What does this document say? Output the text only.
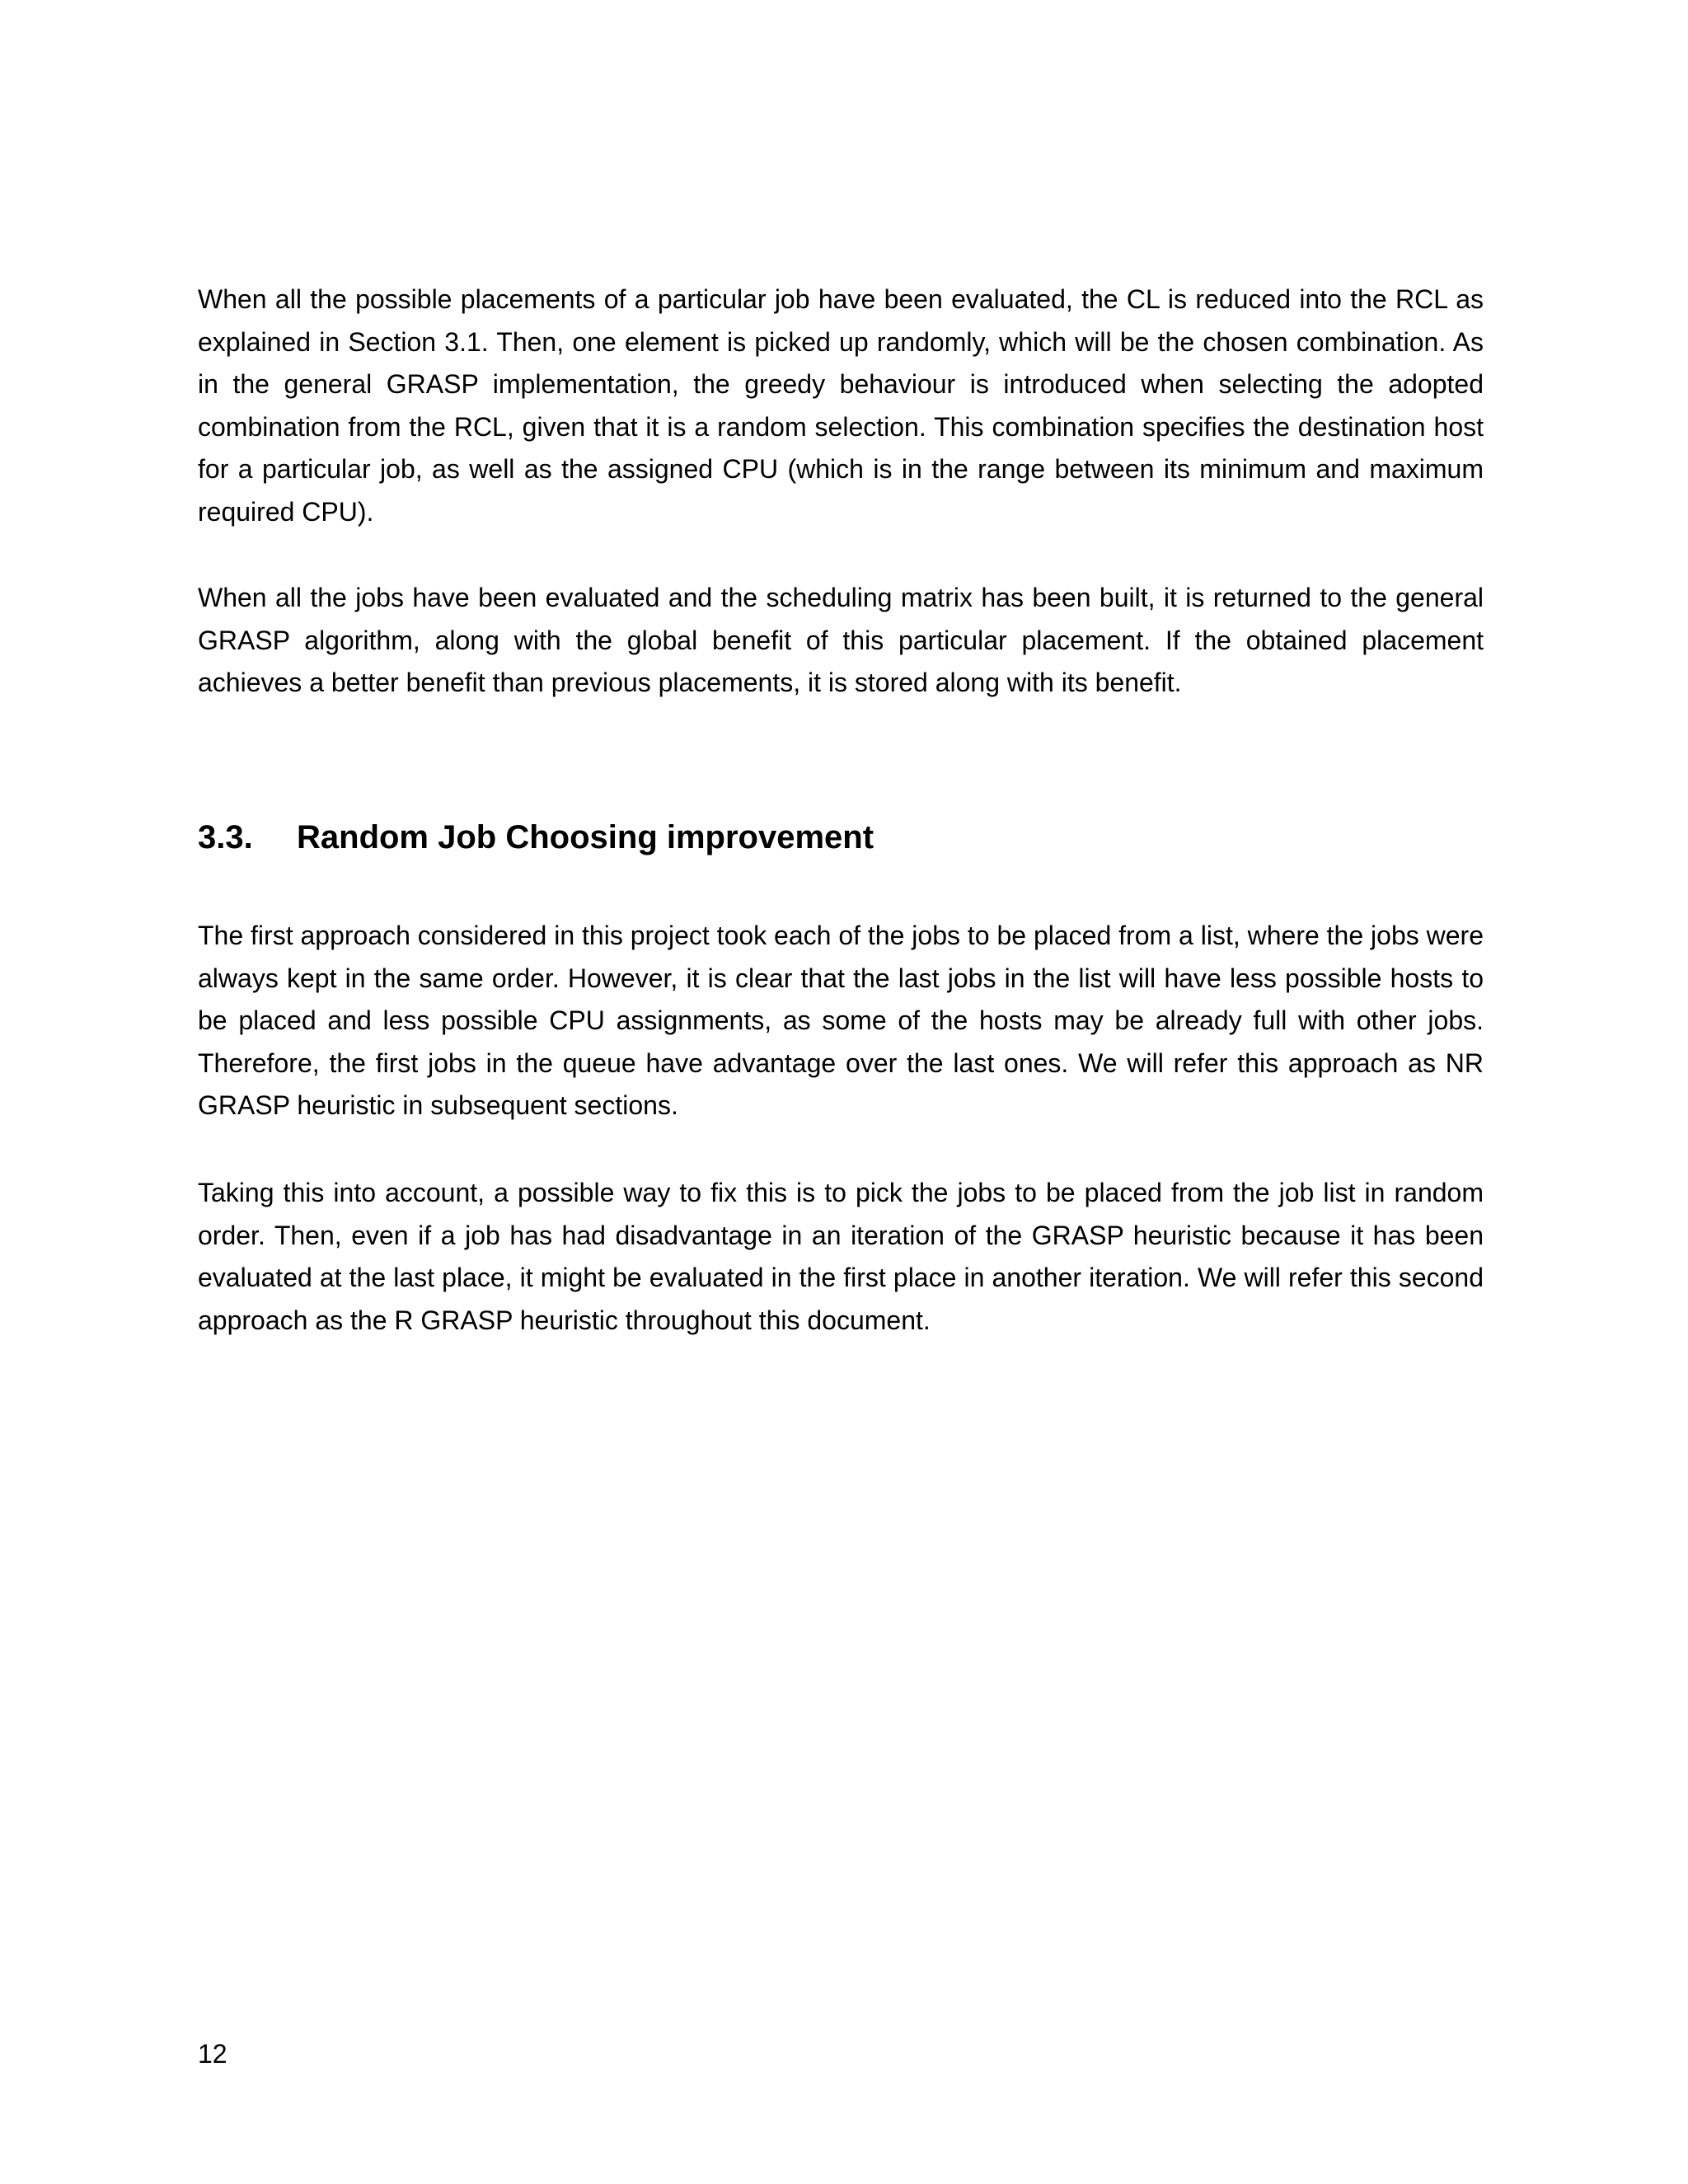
When all the possible placements of a particular job have been evaluated, the CL is reduced into the RCL as explained in Section 3.1. Then, one element is picked up randomly, which will be the chosen combination. As in the general GRASP implementation, the greedy behaviour is introduced when selecting the adopted combination from the RCL, given that it is a random selection. This combination specifies the destination host for a particular job, as well as the assigned CPU (which is in the range between its minimum and maximum required CPU).

When all the jobs have been evaluated and the scheduling matrix has been built, it is returned to the general GRASP algorithm, along with the global benefit of this particular placement. If the obtained placement achieves a better benefit than previous placements, it is stored along with its benefit.

3.3. Random Job Choosing improvement

The first approach considered in this project took each of the jobs to be placed from a list, where the jobs were always kept in the same order. However, it is clear that the last jobs in the list will have less possible hosts to be placed and less possible CPU assignments, as some of the hosts may be already full with other jobs. Therefore, the first jobs in the queue have advantage over the last ones. We will refer this approach as NR GRASP heuristic in subsequent sections.

Taking this into account, a possible way to fix this is to pick the jobs to be placed from the job list in random order. Then, even if a job has had disadvantage in an iteration of the GRASP heuristic because it has been evaluated at the last place, it might be evaluated in the first place in another iteration. We will refer this second approach as the R GRASP heuristic throughout this document.

12
